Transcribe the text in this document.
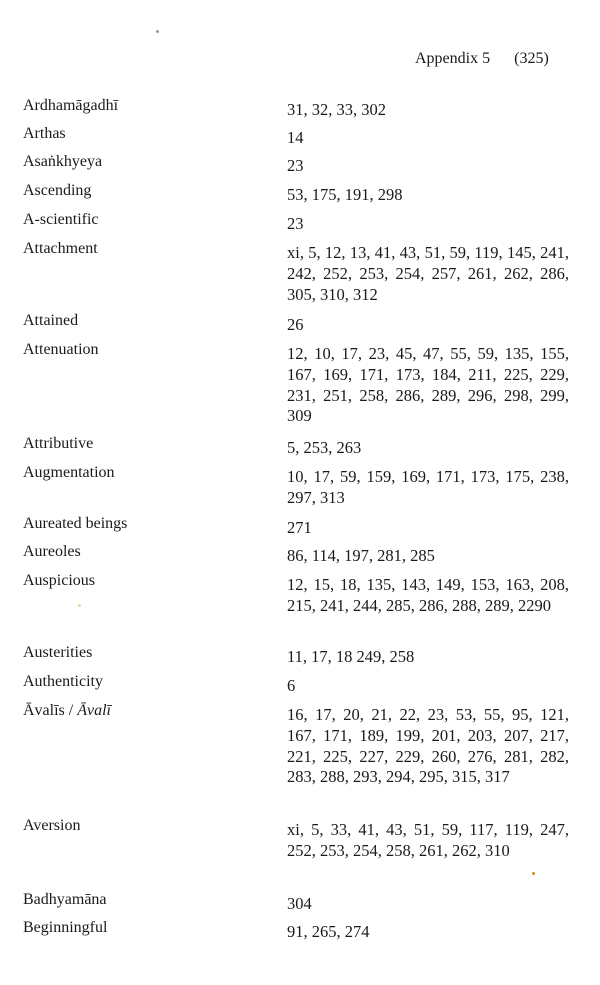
Appendix 5 (325)
Ardhamāgadhī	31, 32, 33, 302
Arthas	14
Asaṅkhyeya	23
Ascending	53, 175, 191, 298
A-scientific	23
Attachment	xi, 5, 12, 13, 41, 43, 51, 59, 119, 145, 241, 242, 252, 253, 254, 257, 261, 262, 286, 305, 310, 312
Attained	26
Attenuation	12, 10, 17, 23, 45, 47, 55, 59, 135, 155, 167, 169, 171, 173, 184, 211, 225, 229, 231, 251, 258, 286, 289, 296, 298, 299, 309
Attributive	5, 253, 263
Augmentation	10, 17, 59, 159, 169, 171, 173, 175, 238, 297, 313
Aureated beings	271
Aureoles	86, 114, 197, 281, 285
Auspicious	12, 15, 18, 135, 143, 149, 153, 163, 208, 215, 241, 244, 285, 286, 288, 289, 2290
Austerities	11, 17, 18 249, 258
Authenticity	6
Āvalīs / Āvalī	16, 17, 20, 21, 22, 23, 53, 55, 95, 121, 167, 171, 189, 199, 201, 203, 207, 217, 221, 225, 227, 229, 260, 276, 281, 282, 283, 288, 293, 294, 295, 315, 317
Aversion	xi, 5, 33, 41, 43, 51, 59, 117, 119, 247, 252, 253, 254, 258, 261, 262, 310
Badhyamāna	304
Beginningful	91, 265, 274
